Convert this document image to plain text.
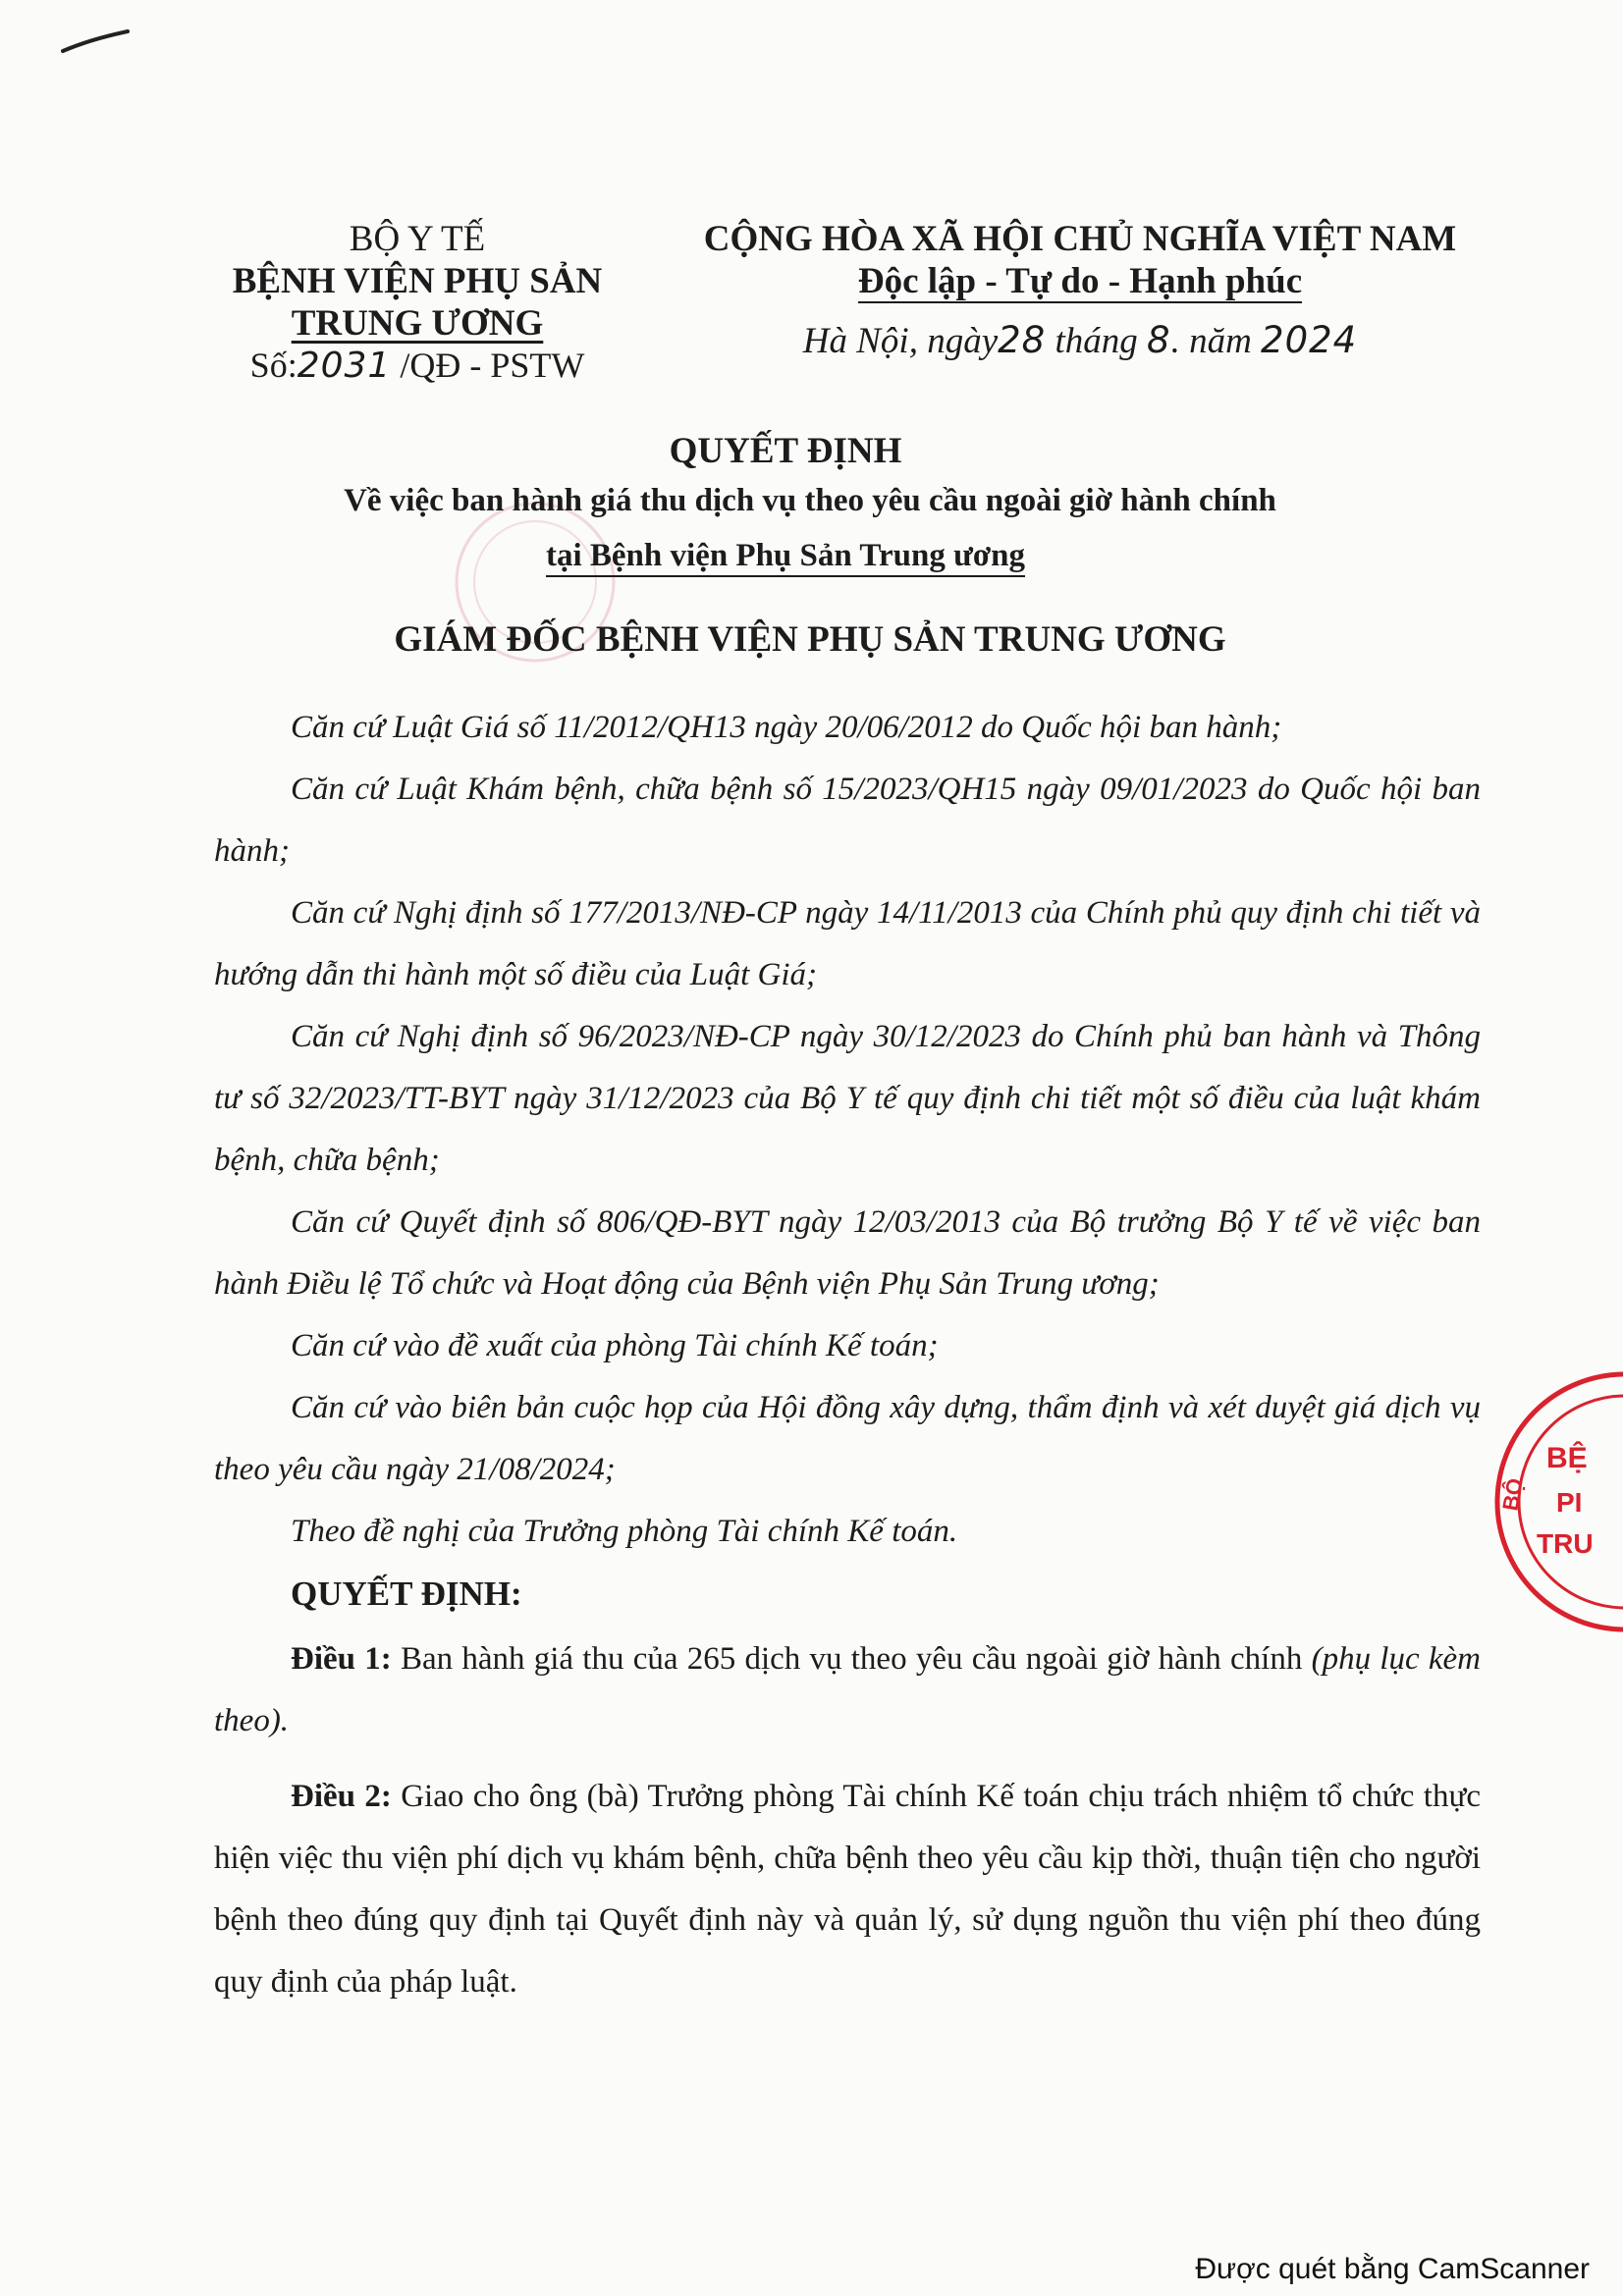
BỘ Y TẾ
BỆNH VIỆN PHỤ SẢN
TRUNG ƯƠNG
Số:2031 /QĐ - PSTW
CỘNG HÒA XÃ HỘI CHỦ NGHĨA VIỆT NAM
Độc lập - Tự do - Hạnh phúc
Hà Nội, ngày28 tháng 8. năm 2024
QUYẾT ĐỊNH
Về việc ban hành giá thu dịch vụ theo yêu cầu ngoài giờ hành chính
tại Bệnh viện Phụ Sản Trung ương
GIÁM ĐỐC BỆNH VIỆN PHỤ SẢN TRUNG ƯƠNG

Căn cứ Luật Giá số 11/2012/QH13 ngày 20/06/2012 do Quốc hội ban hành;

Căn cứ Luật Khám bệnh, chữa bệnh số 15/2023/QH15 ngày 09/01/2023 do Quốc hội ban hành;

Căn cứ Nghị định số 177/2013/NĐ-CP ngày 14/11/2013 của Chính phủ quy định chi tiết và hướng dẫn thi hành một số điều của Luật Giá;

Căn cứ Nghị định số 96/2023/NĐ-CP ngày 30/12/2023 do Chính phủ ban hành và Thông tư số 32/2023/TT-BYT ngày 31/12/2023 của Bộ Y tế quy định chi tiết một số điều của luật khám bệnh, chữa bệnh;

Căn cứ Quyết định số 806/QĐ-BYT ngày 12/03/2013 của Bộ trưởng Bộ Y tế về việc ban hành Điều lệ Tổ chức và Hoạt động của Bệnh viện Phụ Sản Trung ương;

Căn cứ vào đề xuất của phòng Tài chính Kế toán;

Căn cứ vào biên bản cuộc họp của Hội đồng xây dựng, thẩm định và xét duyệt giá dịch vụ theo yêu cầu ngày 21/08/2024;

Theo đề nghị của Trưởng phòng Tài chính Kế toán.

QUYẾT ĐỊNH:

Điều 1: Ban hành giá thu của 265 dịch vụ theo yêu cầu ngoài giờ hành chính (phụ lục kèm theo).

Điều 2: Giao cho ông (bà) Trưởng phòng Tài chính Kế toán chịu trách nhiệm tổ chức thực hiện việc thu viện phí dịch vụ khám bệnh, chữa bệnh theo yêu cầu kịp thời, thuận tiện cho người bệnh theo đúng quy định tại Quyết định này và quản lý, sử dụng nguồn thu viện phí theo đúng quy định của pháp luật.

BỆ
PI
TRU
BỘ
Được quét bằng CamScanner
